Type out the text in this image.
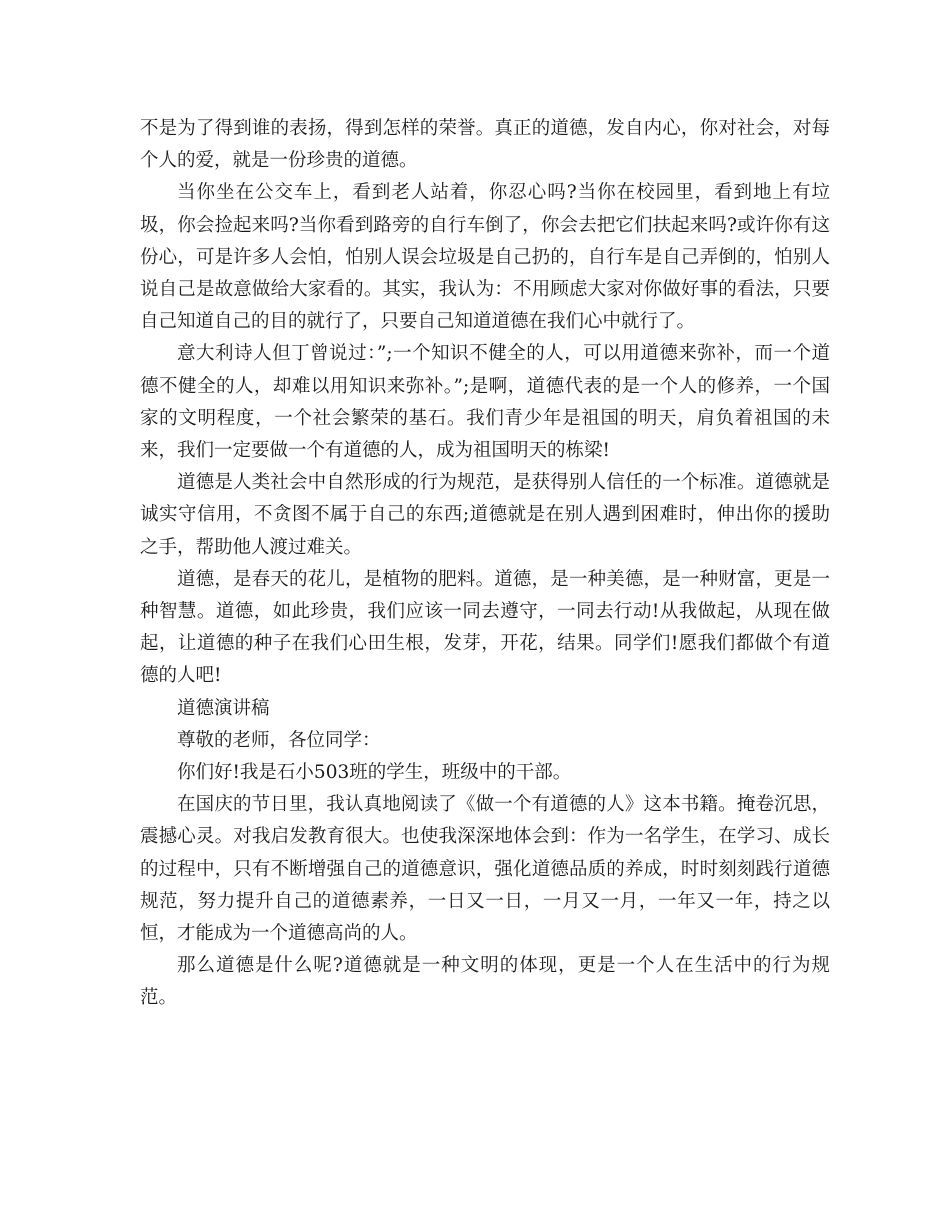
不是为了得到谁的表扬，得到怎样的荣誉。真正的道德，发自内心，你对社会，对每个人的爱，就是一份珍贵的道德。

当你坐在公交车上，看到老人站着，你忍心吗?当你在校园里，看到地上有垃圾，你会捡起来吗?当你看到路旁的自行车倒了，你会去把它们扶起来吗?或许你有这份心，可是许多人会怕，怕别人误会垃圾是自己扔的，自行车是自己弄倒的，怕别人说自己是故意做给大家看的。其实，我认为：不用顾虑大家对你做好事的看法，只要自己知道自己的目的就行了，只要自己知道道德在我们心中就行了。

意大利诗人但丁曾说过：”;一个知识不健全的人，可以用道德来弥补，而一个道德不健全的人，却难以用知识来弥补。”;是啊，道德代表的是一个人的修养，一个国家的文明程度，一个社会繁荣的基石。我们青少年是祖国的明天，肩负着祖国的未来，我们一定要做一个有道德的人，成为祖国明天的栋梁!

道德是人类社会中自然形成的行为规范，是获得别人信任的一个标准。道德就是诚实守信用，不贪图不属于自己的东西;道德就是在别人遇到困难时，伸出你的援助之手，帮助他人渡过难关。

道德，是春天的花儿，是植物的肥料。道德，是一种美德，是一种财富，更是一种智慧。道德，如此珍贵，我们应该一同去遵守，一同去行动!从我做起，从现在做起，让道德的种子在我们心田生根，发芽，开花，结果。同学们!愿我们都做个有道德的人吧!

道德演讲稿

尊敬的老师，各位同学：

你们好!我是石小503班的学生，班级中的干部。

在国庆的节日里，我认真地阅读了《做一个有道德的人》这本书籍。掩卷沉思，震撼心灵。对我启发教育很大。也使我深深地体会到：作为一名学生，在学习、成长的过程中，只有不断增强自己的道德意识，强化道德品质的养成，时时刻刻践行道德规范，努力提升自己的道德素养，一日又一日，一月又一月，一年又一年，持之以恒，才能成为一个道德高尚的人。

那么道德是什么呢?道德就是一种文明的体现，更是一个人在生活中的行为规范。
